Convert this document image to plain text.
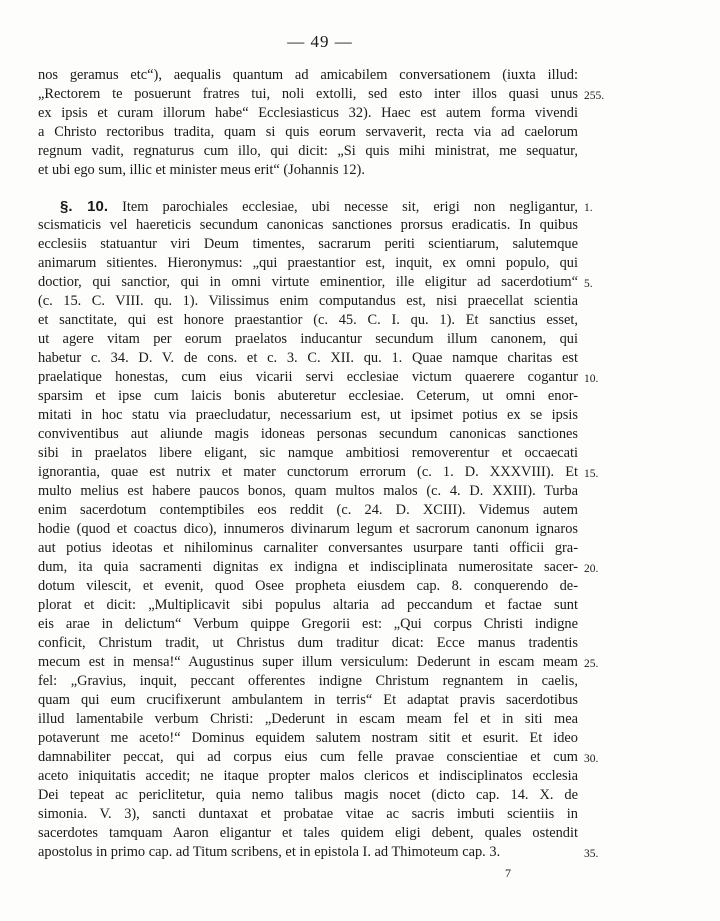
— 49 —
nos geramus etc“), aequalis quantum ad amicabilem conversationem (iuxta illud:
„Rectorem te posuerunt fratres tui, noli extolli, sed esto inter illos quasi unus
ex ipsis et curam illorum habe“ Ecclesiasticus 32). Haec est autem forma vivendi
a Christo rectoribus tradita, quam si quis eorum servaverit, recta via ad caelorum
regnum vadit, regnaturus cum illo, qui dicit: „Si quis mihi ministrat, me sequatur,
et ubi ego sum, illic et minister meus erit“ (Johannis 12).
§. 10. Item parochiales ecclesiae, ubi necesse sit, erigi non negligantur,
scismaticis vel haereticis secundum canonicas sanctiones prorsus eradicatis. In quibus
ecclesiis statuantur viri Deum timentes, sacrarum periti scientiarum, salutemque
animarum sitientes. Hieronymus: „qui praestantior est, inquit, ex omni populo, qui
doctior, qui sanctior, qui in omni virtute eminentior, ille eligitur ad sacerdotium“
(c. 15. C. VIII. qu. 1). Vilissimus enim computandus est, nisi praecellat scientia
et sanctitate, qui est honore praestantior (c. 45. C. I. qu. 1). Et sanctius esset,
ut agere vitam per eorum praelatos inducantur secundum illum canonem, qui
habetur c. 34. D. V. de cons. et c. 3. C. XII. qu. 1. Quae namque charitas est
praelatique honestas, cum eius vicarii servi ecclesiae victum quaerere cogantur
sparsim et ipse cum laicis bonis abuteretur ecclesiae. Ceterum, ut omni enor-
mitati in hoc statu via praecludatur, necessarium est, ut ipsimet potius ex se ipsis
conviventibus aut aliunde magis idoneas personas secundum canonicas sanctiones
sibi in praelatos libere eligant, sic namque ambitiosi removerentur et occaecati
ignorantia, quae est nutrix et mater cunctorum errorum (c. 1. D. XXXVIII). Et
multo melius est habere paucos bonos, quam multos malos (c. 4. D. XXIII). Turba
enim sacerdotum contemptibiles eos reddit (c. 24. D. XCIII). Videmus autem
hodie (quod et coactus dico), innumeros divinarum legum et sacrorum canonum ignaros
aut potius ideotas et nihilominus carnaliter conversantes usurpare tanti officii gra-
dum, ita quia sacramenti dignitas ex indigna et indisciplinata numerositate sacer-
dotum vilescit, et evenit, quod Osee propheta eiusdem cap. 8. conquerendo de-
plorat et dicit: „Multiplicavit sibi populus altaria ad peccandum et factae sunt
eis arae in delictum“ Verbum quippe Gregorii est: „Qui corpus Christi indigne
conficit, Christum tradit, ut Christus dum traditur dicat: Ecce manus tradentis
mecum est in mensa!“ Augustinus super illum versiculum: Dederunt in escam meam
fel: „Gravius, inquit, peccant offerentes indigne Christum regnantem in caelis,
quam qui eum crucifixerunt ambulantem in terris“ Et adaptat pravis sacerdotibus
illud lamentabile verbum Christi: „Dederunt in escam meam fel et in siti mea
potaverunt me aceto!“ Dominus equidem salutem nostram sitit et esurit. Et ideo
damnabiliter peccat, qui ad corpus eius cum felle pravae conscientiae et cum
aceto iniquitatis accedit; ne itaque propter malos clericos et indisciplinatos ecclesia
Dei tepeat ac periclitetur, quia nemo talibus magis nocet (dicto cap. 14. X. de
simonia. V. 3), sancti duntaxat et probatae vitae ac sacris imbuti scientiis in
sacerdotes tamquam Aaron eligantur et tales quidem eligi debent, quales ostendit
apostolus in primo cap. ad Titum scribens, et in epistola I. ad Thimoteum cap. 3.
255.
1.
5.
10.
15.
20.
25.
30.
35.
7
